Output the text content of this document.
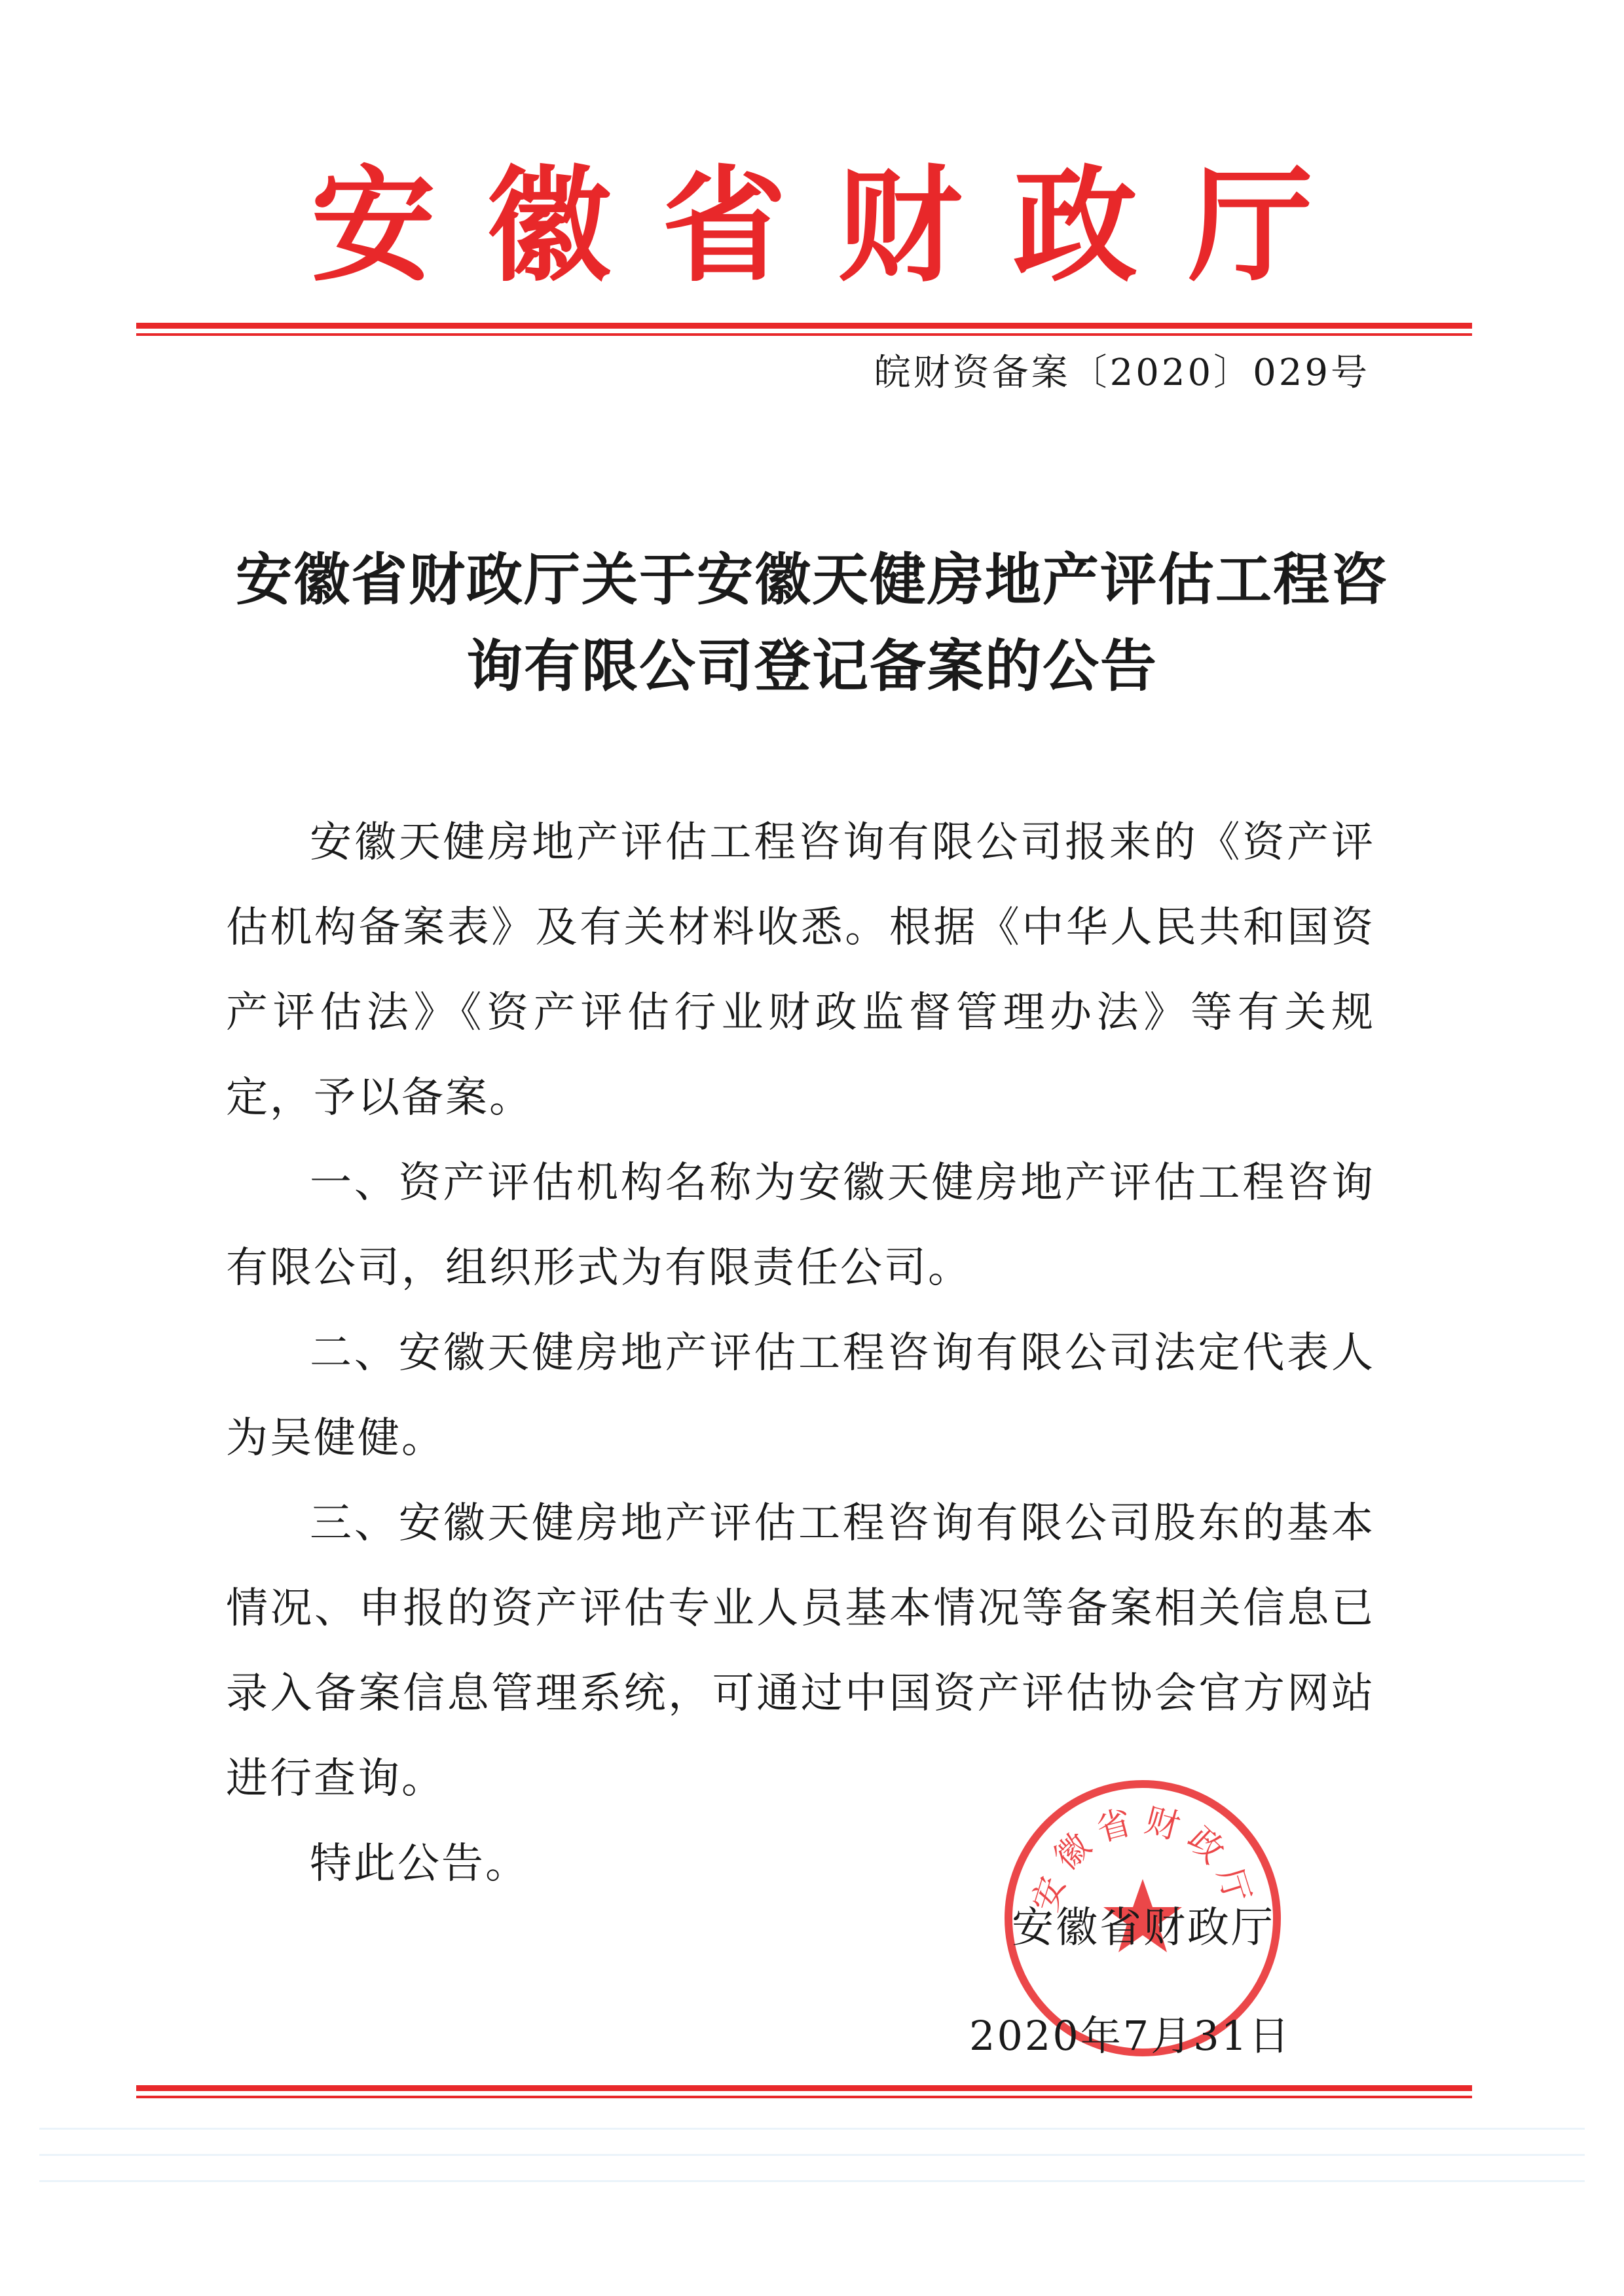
安徽省财政厅
皖财资备案〔2020〕029号
安徽省财政厅关于安徽天健房地产评估工程咨询有限公司登记备案的公告

安徽天健房地产评估工程咨询有限公司报来的《资产评估机构备案表》及有关材料收悉。根据《中华人民共和国资产评估法》《资产评估行业财政监督管理办法》等有关规定，予以备案。

一、资产评估机构名称为安徽天健房地产评估工程咨询有限公司，组织形式为有限责任公司。

二、安徽天健房地产评估工程咨询有限公司法定代表人为吴健健。

三、安徽天健房地产评估工程咨询有限公司股东的基本情况、申报的资产评估专业人员基本情况等备案相关信息已录入备案信息管理系统，可通过中国资产评估协会官方网站进行查询。

特此公告。	安徽省财政厅
安徽省财政厅
2020年7月31日
